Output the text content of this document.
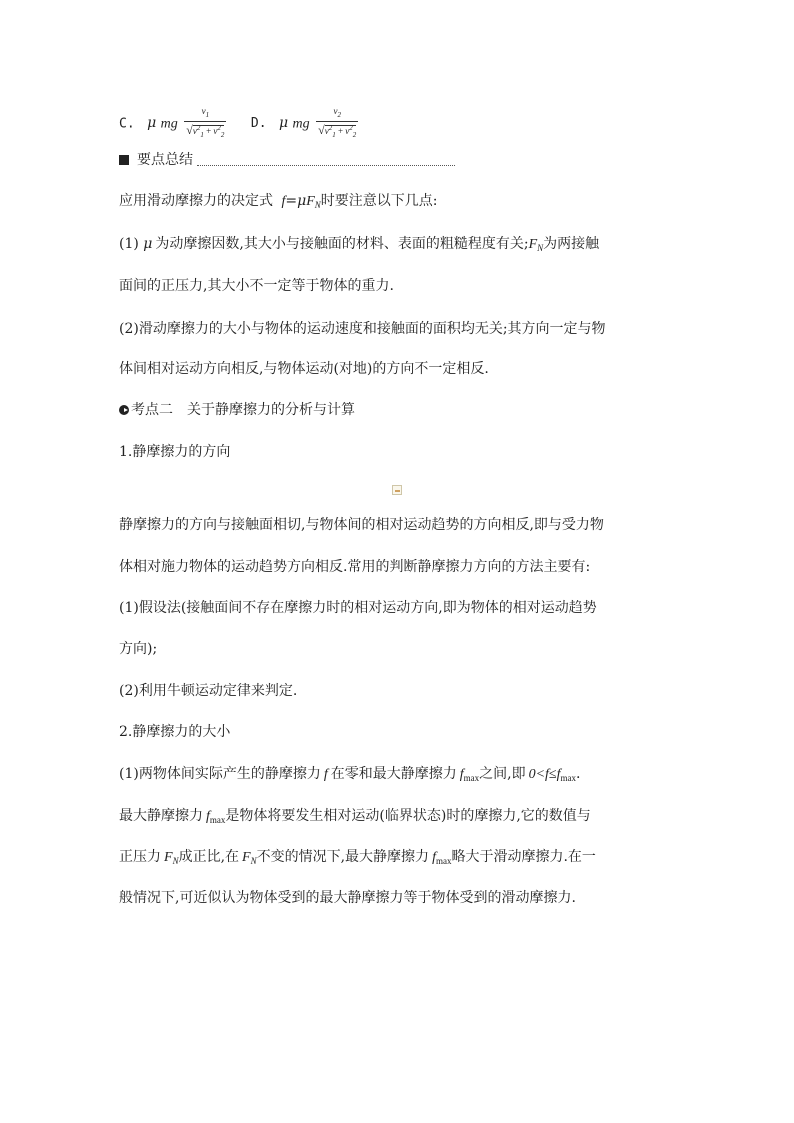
C. μ mg $\frac{v_1}{√v^2_1 + v^2_2} D$. μ mg $\frac{v_2}{√v^2_1 + v^2_2}$
要点总结
应用滑动摩擦力的决定式 $f=\mu F_N$时要注意以下几点:
(1) μ 为动摩擦因数,其大小与接触面的材料、表面的粗糙程度有关$;F_N$为两接触
面间的正压力,其大小不一定等于物体的重力.
(2)滑动摩擦力的大小与物体的运动速度和接触面的面积均无关;其方向一定与物
体间相对运动方向相反,与物体运动(对地)的方向不一定相反.
考点二　关于静摩擦力的分析与计算
1.静摩擦力的方向
静摩擦力的方向与接触面相切,与物体间的相对运动趋势的方向相反,即与受力物
体相对施力物体的运动趋势方向相反.常用的判断静摩擦力方向的方法主要有:
(1)假设法(接触面间不存在摩擦力时的相对运动方向,即为物体的相对运动趋势
方向);
(2)利用牛顿运动定律来判定.
2.静摩擦力的大小
(1)两物体间实际产生的静摩擦力 f 在零和最大静摩擦力 $f_{max}$之间,即 $0<f\le f_{max}$.
最大静摩擦力 $f_{max}$是物体将要发生相对运动(临界状态)时的摩擦力,它的数值与
正压力 $F_N$成正比,在 $F_N$不变的情况下,最大静摩擦力 $f_{max}$略大于滑动摩擦力.在一
般情况下,可近似认为物体受到的最大静摩擦力等于物体受到的滑动摩擦力.
